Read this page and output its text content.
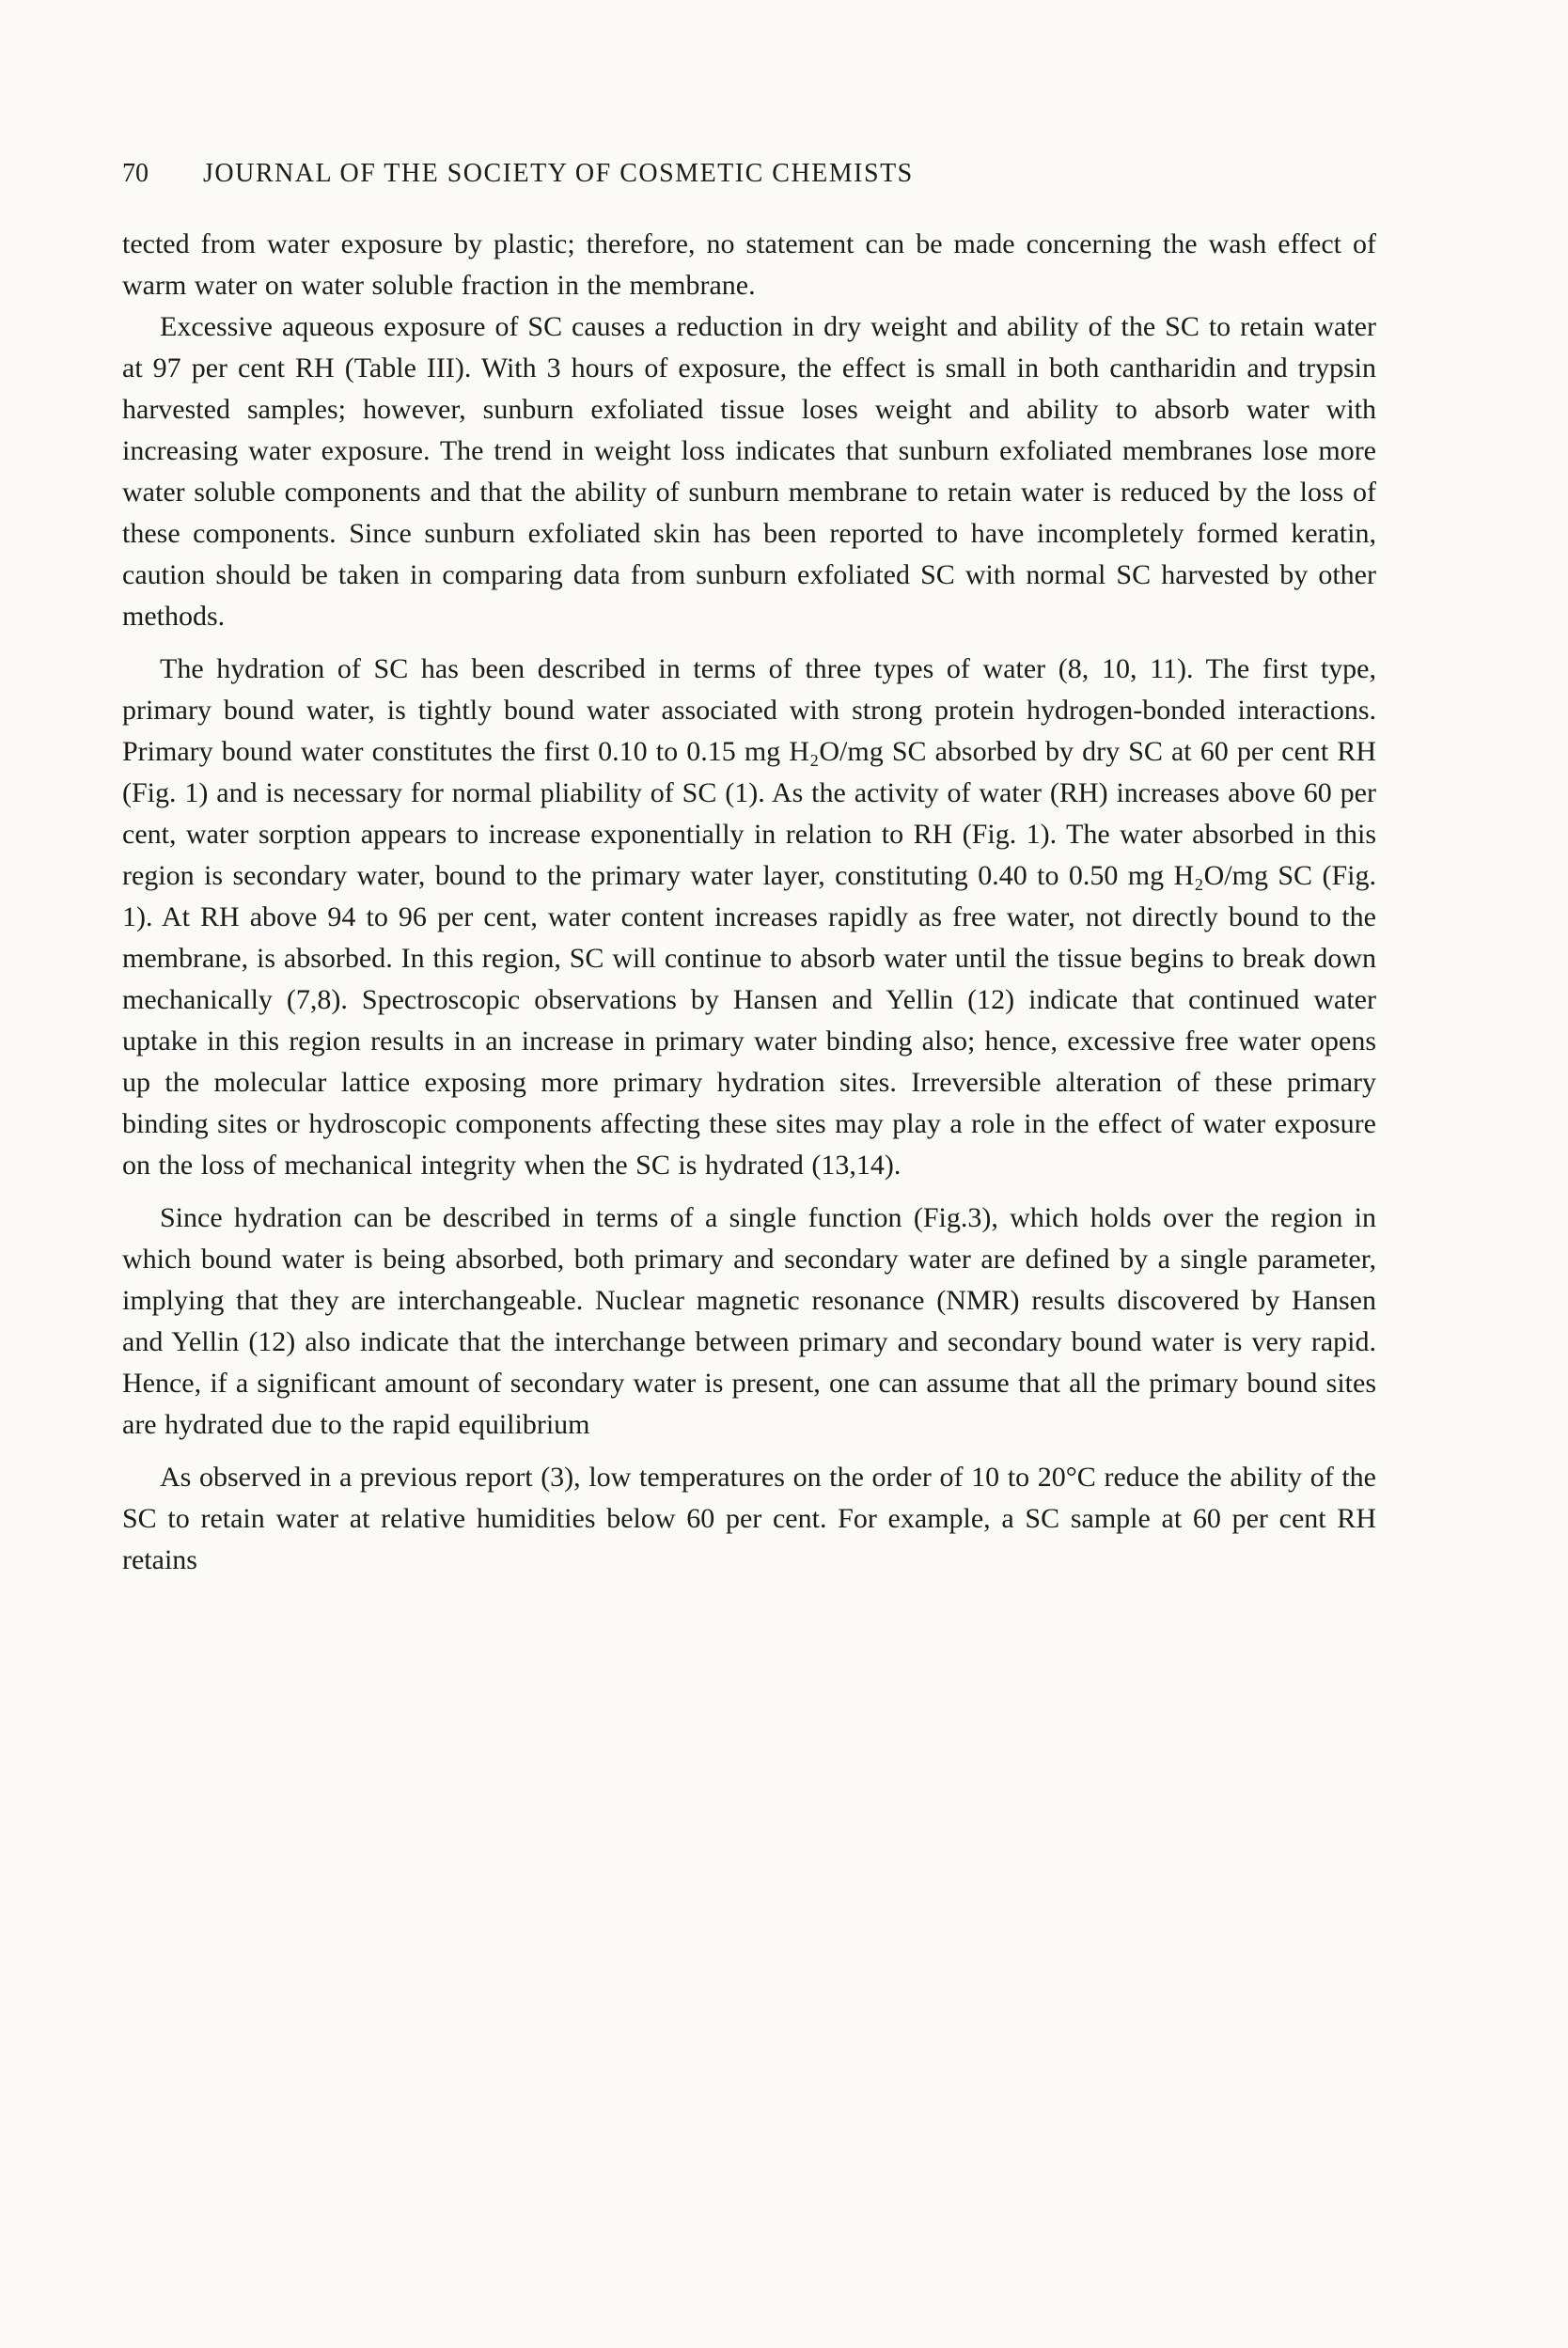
70	JOURNAL OF THE SOCIETY OF COSMETIC CHEMISTS

tected from water exposure by plastic; therefore, no statement can be made concerning the wash effect of warm water on water soluble fraction in the membrane.

Excessive aqueous exposure of SC causes a reduction in dry weight and ability of the SC to retain water at 97 per cent RH (Table III). With 3 hours of exposure, the effect is small in both cantharidin and trypsin harvested samples; however, sunburn exfoliated tissue loses weight and ability to absorb water with increasing water exposure. The trend in weight loss indicates that sunburn exfoliated membranes lose more water soluble components and that the ability of sunburn membrane to retain water is reduced by the loss of these components. Since sunburn exfoliated skin has been reported to have incompletely formed keratin, caution should be taken in comparing data from sunburn exfoliated SC with normal SC harvested by other methods.

The hydration of SC has been described in terms of three types of water (8, 10, 11). The first type, primary bound water, is tightly bound water associated with strong protein hydrogen-bonded interactions. Primary bound water constitutes the first 0.10 to 0.15 mg H₂O/mg SC absorbed by dry SC at 60 per cent RH (Fig. 1) and is necessary for normal pliability of SC (1). As the activity of water (RH) increases above 60 per cent, water sorption appears to increase exponentially in relation to RH (Fig. 1). The water absorbed in this region is secondary water, bound to the primary water layer, constituting 0.40 to 0.50 mg H₂O/mg SC (Fig. 1). At RH above 94 to 96 per cent, water content increases rapidly as free water, not directly bound to the membrane, is absorbed. In this region, SC will continue to absorb water until the tissue begins to break down mechanically (7,8). Spectroscopic observations by Hansen and Yellin (12) indicate that continued water uptake in this region results in an increase in primary water binding also; hence, excessive free water opens up the molecular lattice exposing more primary hydration sites. Irreversible alteration of these primary binding sites or hydroscopic components affecting these sites may play a role in the effect of water exposure on the loss of mechanical integrity when the SC is hydrated (13,14).

Since hydration can be described in terms of a single function (Fig.3), which holds over the region in which bound water is being absorbed, both primary and secondary water are defined by a single parameter, implying that they are interchangeable. Nuclear magnetic resonance (NMR) results discovered by Hansen and Yellin (12) also indicate that the interchange between primary and secondary bound water is very rapid. Hence, if a significant amount of secondary water is present, one can assume that all the primary bound sites are hydrated due to the rapid equilibrium

As observed in a previous report (3), low temperatures on the order of 10 to 20°C reduce the ability of the SC to retain water at relative humidities below 60 per cent. For example, a SC sample at 60 per cent RH retains
